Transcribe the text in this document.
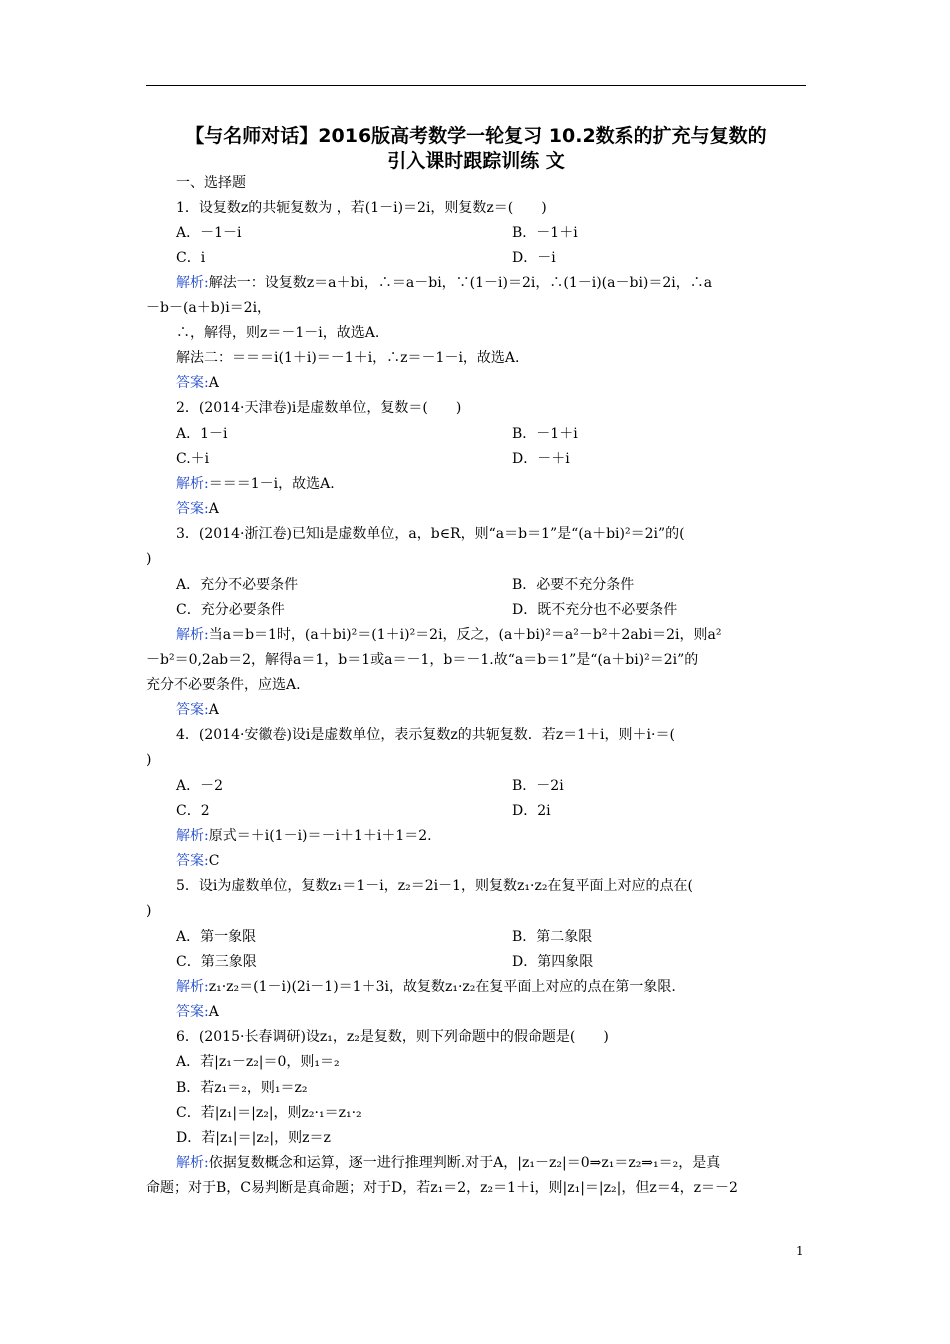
【与名师对话】2016版高考数学一轮复习 10.2数系的扩充与复数的
引入课时跟踪训练 文
一、选择题
1．设复数z的共轭复数为 ，若(1－i)＝2i，则复数z＝(　　)
A．－1－i	B．－1＋i
C．i	D．－i
解析:解法一：设复数z＝a＋bi，∴＝a－bi，∵(1－i)＝2i，∴(1－i)(a－bi)＝2i，∴a
－b－(a＋b)i＝2i，
∴，解得，则z＝－1－i，故选A.
解法二：＝＝＝i(1＋i)＝－1＋i，∴z＝－1－i，故选A.
答案:A
2．(2014·天津卷)i是虚数单位，复数＝(　　)
A．1－i	B．－1＋i
C.＋i	D．－＋i
解析:＝＝＝1－i，故选A.
答案:A
3．(2014·浙江卷)已知i是虚数单位，a，b∈R，则“a＝b＝1”是“(a＋bi)²＝2i”的(
)
A．充分不必要条件	B．必要不充分条件
C．充分必要条件	D．既不充分也不必要条件
解析:当a＝b＝1时，(a＋bi)²＝(1＋i)²＝2i，反之，(a＋bi)²＝a²－b²＋2abi＝2i，则a²
－b²＝0,2ab＝2，解得a＝1，b＝1或a＝－1，b＝－1.故“a＝b＝1”是“(a＋bi)²＝2i”的
充分不必要条件，应选A.
答案:A
4．(2014·安徽卷)设i是虚数单位，表示复数z的共轭复数．若z＝1＋i，则＋i·＝(
)
A．－2	B．－2i
C．2	D．2i
解析:原式＝＋i(1－i)＝－i＋1＋i＋1＝2.
答案:C
5．设i为虚数单位，复数z₁＝1－i，z₂＝2i－1，则复数z₁·z₂在复平面上对应的点在(
)
A．第一象限	B．第二象限
C．第三象限	D．第四象限
解析:z₁·z₂＝(1－i)(2i－1)＝1＋3i，故复数z₁·z₂在复平面上对应的点在第一象限.
答案:A
6．(2015·长春调研)设z₁，z₂是复数，则下列命题中的假命题是(　　)
A．若|z₁－z₂|＝0，则₁＝₂
B．若z₁＝₂，则₁＝z₂
C．若|z₁|＝|z₂|，则z₂·₁＝z₁·₂
D．若|z₁|＝|z₂|，则z＝z
解析:依据复数概念和运算，逐一进行推理判断.对于A，|z₁－z₂|＝0⇒z₁＝z₂⇒₁＝₂，是真
命题；对于B，C易判断是真命题；对于D，若z₁＝2，z₂＝1＋i，则|z₁|＝|z₂|，但z＝4，z＝－2
1
